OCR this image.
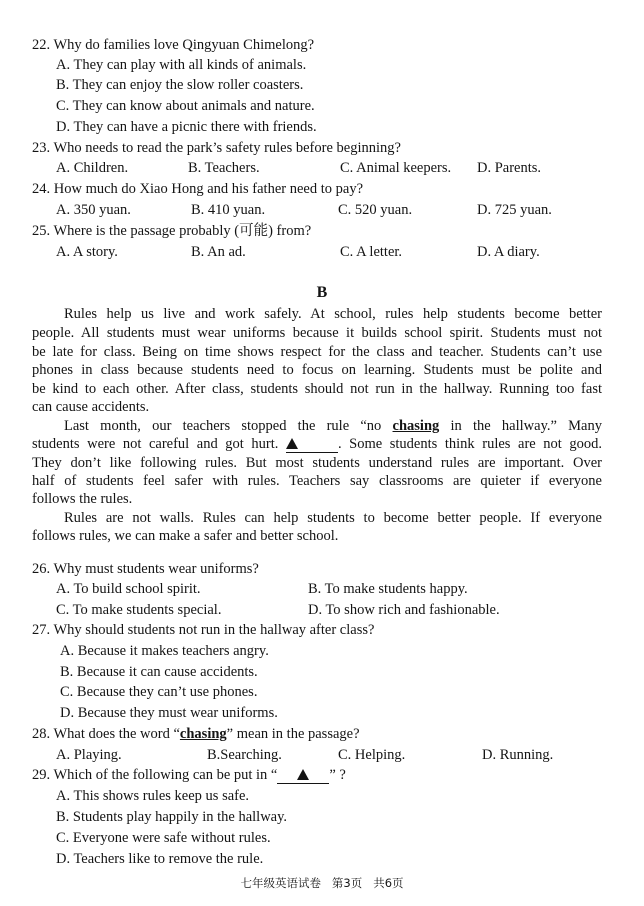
22. Why do families love Qingyuan Chimelong?
A. They can play with all kinds of animals.
B. They can enjoy the slow roller coasters.
C. They can know about animals and nature.
D. They can have a picnic there with friends.
23. Who needs to read the park’s safety rules before beginning?
A. Children.	B. Teachers.	C. Animal keepers. D. Parents.
24. How much do Xiao Hong and his father need to pay?
A. 350 yuan.	B. 410 yuan.	C. 520 yuan.	D. 725 yuan.
25. Where is the passage probably (可能) from?
A. A story.	B. An ad.	C. A letter.	D. A diary.
B
Rules help us live and work safely. At school, rules help students become better
people. All students must wear uniforms because it builds school spirit. Students must not
be late for class. Being on time shows respect for the class and teacher. Students can’t use
phones in class because students need to focus on learning. Students must be polite and
be kind to each other. After class, students should not run in the hallway. Running too fast
can cause accidents.
Last month, our teachers stopped the rule “no chasing in the hallway.” Many
students were not careful and got hurt.	. Some students think rules are not good.
They don’t like following rules. But most students understand rules are important. Over
half of students feel safer with rules. Teachers say classrooms are quieter if everyone
follows the rules.
Rules are not walls. Rules can help students to become better people. If everyone
follows rules, we can make a safer and better school.
26. Why must students wear uniforms?
A. To build school spirit.	B. To make students happy.
C. To make students special.	D. To show rich and fashionable.
27. Why should students not run in the hallway after class?
A. Because it makes teachers angry.
B. Because it can cause accidents.
C. Because they can’t use phones.
D. Because they must wear uniforms.
28. What does the word “chasing” mean in the passage?
A. Playing.	B.Searching.	C. Helping.	D. Running.
29. Which of the following can be put in “	” ?
A. This shows rules keep us safe.
B. Students play happily in the hallway.
C. Everyone were safe without rules.
D. Teachers like to remove the rule.
七年级英语试卷   第3页   共6页
